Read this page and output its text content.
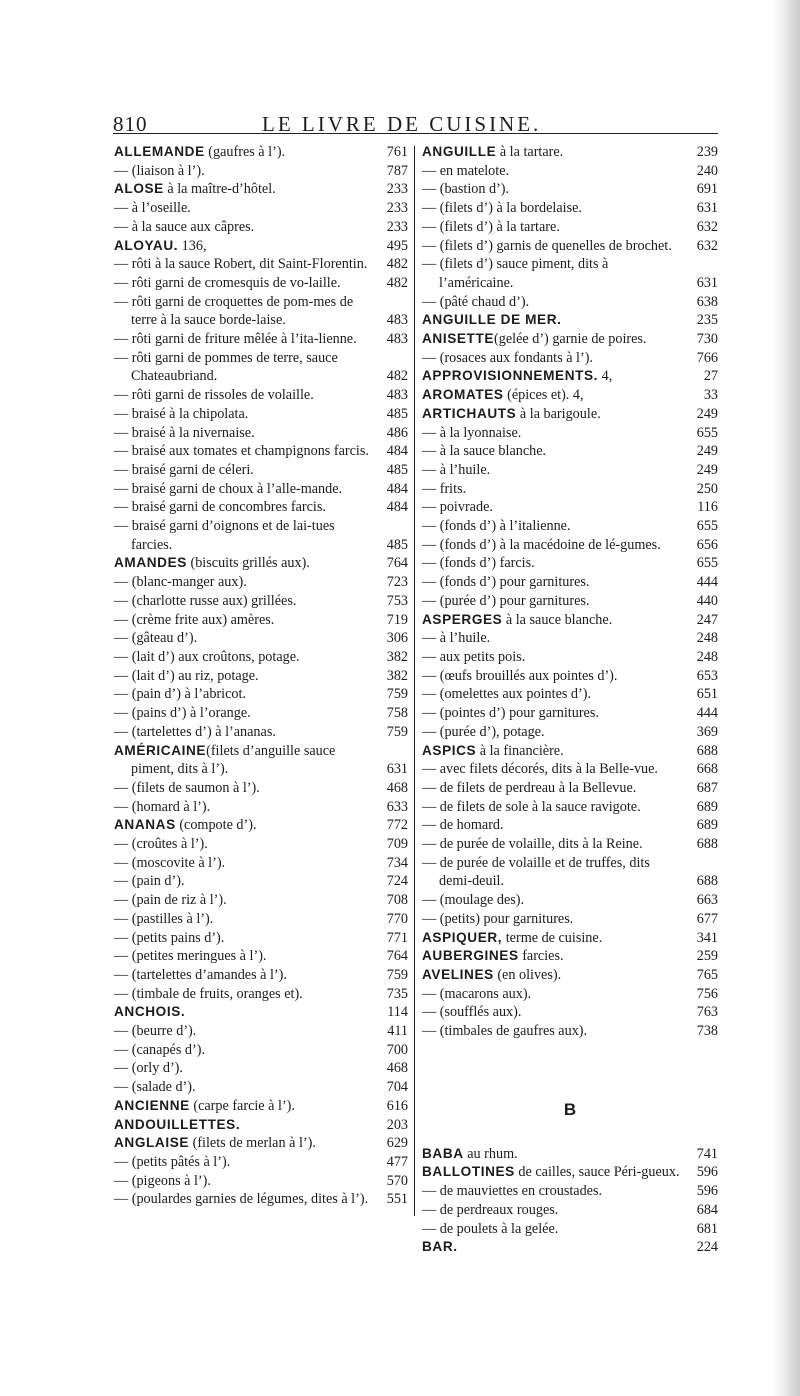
810	LE LIVRE DE CUISINE.
ALLEMANDE (gaufres à l’).	761
— (liaison à l’).	787
ALOSE à la maître-d’hôtel.	233
— à l’oseille.	233
— à la sauce aux câpres.	233
ALOYAU. 136,	495
— rôti à la sauce Robert, dit Saint-Florentin. 482
— rôti garni de cromesquis de vo-laille.	482
— rôti garni de croquettes de pom-mes de terre à la sauce borde-laise.	483
— rôti garni de friture mêlée à l’ita-lienne. 483
— rôti garni de pommes de terre, sauce Chateaubriand.	482
— rôti garni de rissoles de volaille.	483
— braisé à la chipolata.	485
— braisé à la nivernaise.	486
— braisé aux tomates et champignons farcis. 484
— braisé garni de céleri.	485
— braisé garni de choux à l’alle-mande.	484
— braisé garni de concombres farcis.	484
— braisé garni d’oignons et de lai-tues farcies.	485
AMANDES (biscuits grillés aux).	764
— (blanc-manger aux).	723
— (charlotte russe aux) grillées.	753
— (crème frite aux) amères.	719
— (gâteau d’).	306
— (lait d’) aux croûtons, potage.	382
— (lait d’) au riz, potage.	382
— (pain d’) à l’abricot.	759
— (pains d’) à l’orange.	758
— (tartelettes d’) à l’ananas.	759
AMÉRICAINE(filets d’anguille sauce piment, dits à l’).	631
— (filets de saumon à l’).	468
— (homard à l’).	633
ANANAS (compote d’).	772
— (croûtes à l’).	709
— (moscovite à l’).	734
— (pain d’).	724
— (pain de riz à l’).	708
— (pastilles à l’).	770
— (petits pains d’).	771
— (petites meringues à l’).	764
— (tartelettes d’amandes à l’).	759
— (timbale de fruits, oranges et).	735
ANCHOIS.	114
— (beurre d’).	411
— (canapés d’).	700
— (orly d’).	468
— (salade d’).	704
ANCIENNE (carpe farcie à l’).	616
ANDOUILLETTES.	203
ANGLAISE (filets de merlan à l’).	629
— (petits pâtés à l’).	477
— (pigeons à l’).	570
— (poulardes garnies de légumes, dites à l’). 551
ANGUILLE à la tartare.	239
— en matelote.	240
— (bastion d’).	691
— (filets d’) à la bordelaise.	631
— (filets d’) à la tartare.	632
— (filets d’) garnis de quenelles de brochet. 632
— (filets d’) sauce piment, dits à l’américaine.	631
— (pâté chaud d’).	638
ANGUILLE DE MER.	235
ANISETTE(gelée d’) garnie de poires.	730
— (rosaces aux fondants à l’).	766
APPROVISIONNEMENTS. 4,	27
AROMATES (épices et). 4,	33
ARTICHAUTS à la barigoule.	249
— à la lyonnaise.	655
— à la sauce blanche.	249
— à l’huile.	249
— frits.	250
— poivrade.	116
— (fonds d’) à l’italienne.	655
— (fonds d’) à la macédoine de lé-gumes.	656
— (fonds d’) farcis.	655
— (fonds d’) pour garnitures.	444
— (purée d’) pour garnitures.	440
ASPERGES à la sauce blanche.	247
— à l’huile.	248
— aux petits pois.	248
— (œufs brouillés aux pointes d’).	653
— (omelettes aux pointes d’).	651
— (pointes d’) pour garnitures.	444
— (purée d’), potage.	369
ASPICS à la financière.	688
— avec filets décorés, dits à la Belle-vue.	668
— de filets de perdreau à la Bellevue.	687
— de filets de sole à la sauce ravigote.	689
— de homard.	689
— de purée de volaille, dits à la Reine.	688
— de purée de volaille et de truffes, dits demi-deuil.	688
— (moulage des).	663
— (petits) pour garnitures.	677
ASPIQUER, terme de cuisine.	341
AUBERGINES farcies.	259
AVELINES (en olives).	765
— (macarons aux).	756
— (soufflés aux).	763
— (timbales de gaufres aux).	738
B
BABA au rhum.	741
BALLOTINES de cailles, sauce Péri-gueux. 596
— de mauviettes en croustades.	596
— de perdreaux rouges.	684
— de poulets à la gelée.	681
BAR.	224
